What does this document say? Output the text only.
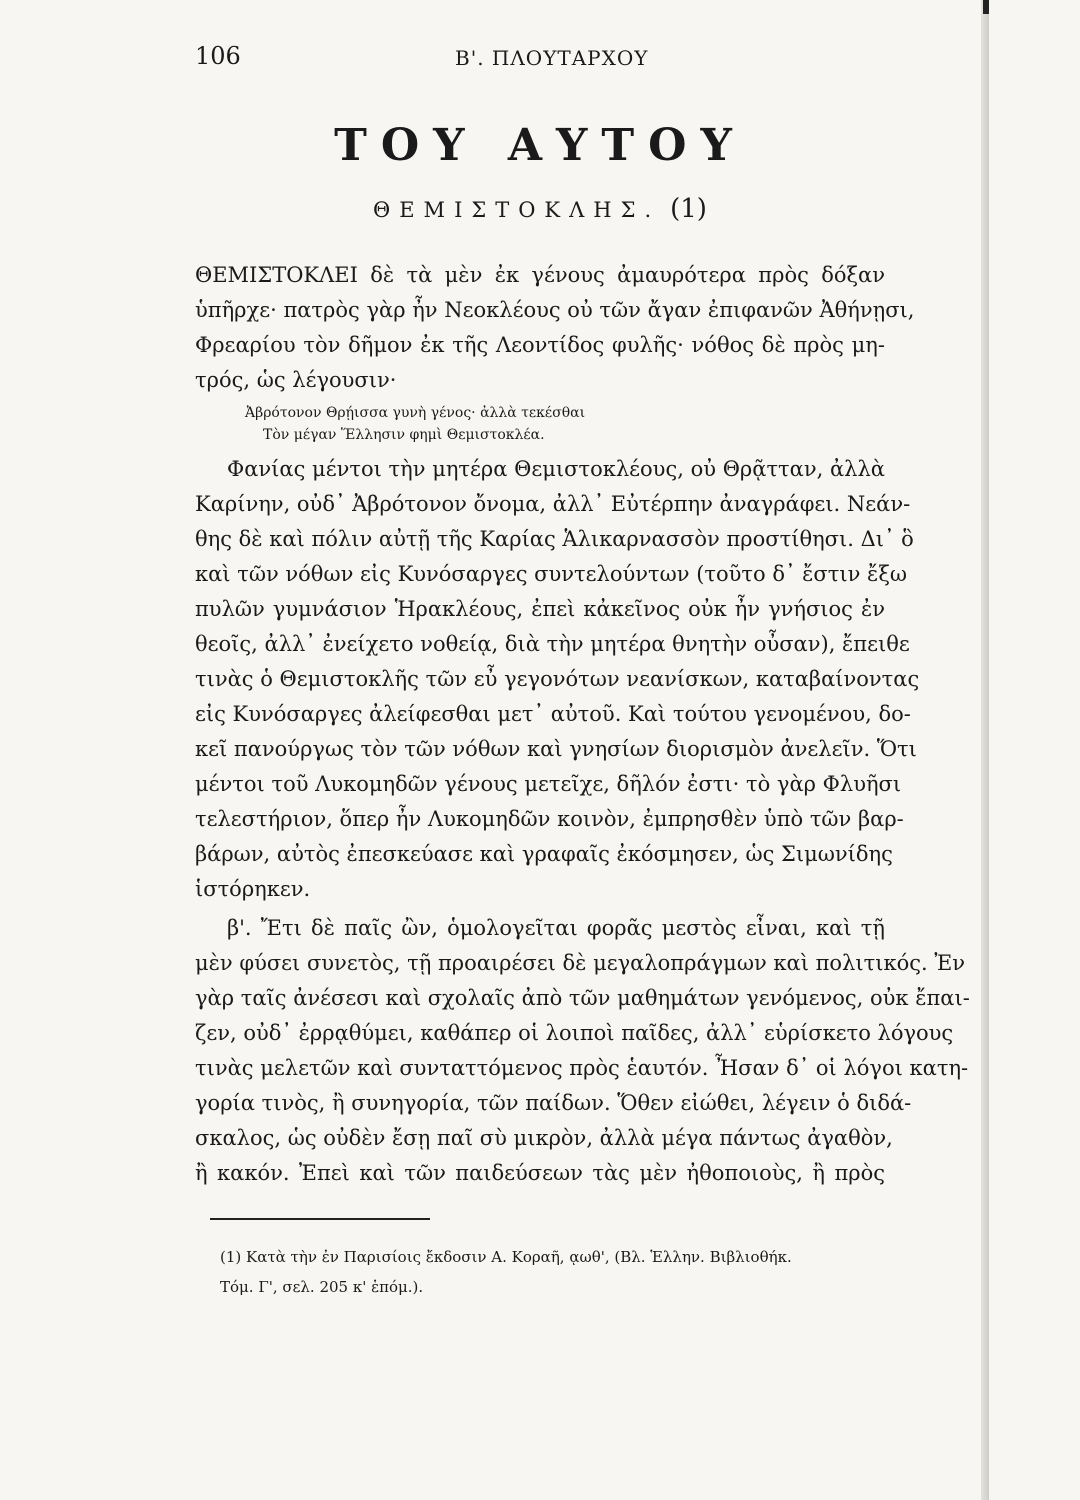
106	Β'. ΠΛΟΥΤΑΡΧΟΥ
ΤΟΥ ΑΥΤΟΥ
ΘΕΜΙΣΤΟΚΛΗΣ. (1)
ΘΕΜΙΣΤΟΚΛΕΙ δὲ τὰ μὲν ἐκ γένους ἀμαυρότερα πρὸς δόξαν
ὑπῆρχε· πατρὸς γὰρ ἦν Νεοκλέους οὐ τῶν ἄγαν ἐπιφανῶν Ἀθήνῃσι,
Φρεαρίου τὸν δῆμον ἐκ τῆς Λεοντίδος φυλῆς· νόθος δὲ πρὸς μη-
τρός, ὡς λέγουσιν·
Ἀβρότονον Θρῄισσα γυνὴ γένος· ἀλλὰ τεκέσθαι
Τὸν μέγαν Ἕλλησιν φημὶ Θεμιστοκλέα.
Φανίας μέντοι τὴν μητέρα Θεμιστοκλέους, οὐ Θρᾷτταν, ἀλλὰ
Καρίνην, οὐδ᾽ Ἀβρότονον ὄνομα, ἀλλ᾽ Εὐτέρπην ἀναγράφει. Νεάν-
θης δὲ καὶ πόλιν αὐτῇ τῆς Καρίας Ἁλικαρνασσὸν προστίθησι. Δι᾽ ὃ
καὶ τῶν νόθων εἰς Κυνόσαργες συντελούντων (τοῦτο δ᾽ ἔστιν ἔξω
πυλῶν γυμνάσιον Ἡρακλέους, ἐπεὶ κἀκεῖνος οὐκ ἦν γνήσιος ἐν
θεοῖς, ἀλλ᾽ ἐνείχετο νοθείᾳ, διὰ τὴν μητέρα θνητὴν οὖσαν), ἔπειθε
τινὰς ὁ Θεμιστοκλῆς τῶν εὖ γεγονότων νεανίσκων, καταβαίνοντας
εἰς Κυνόσαργες ἀλείφεσθαι μετ᾽ αὐτοῦ. Καὶ τούτου γενομένου, δο-
κεῖ πανούργως τὸν τῶν νόθων καὶ γνησίων διορισμὸν ἀνελεῖν. Ὅτι
μέντοι τοῦ Λυκομηδῶν γένους μετεῖχε, δῆλόν ἐστι· τὸ γὰρ Φλυῆσι
τελεστήριον, ὅπερ ἦν Λυκομηδῶν κοινὸν, ἐμπρησθὲν ὑπὸ τῶν βαρ-
βάρων, αὐτὸς ἐπεσκεύασε καὶ γραφαῖς ἐκόσμησεν, ὡς Σιμωνίδης
ἱστόρηκεν.
β'. Ἔτι δὲ παῖς ὢν, ὁμολογεῖται φορᾶς μεστὸς εἶναι, καὶ τῇ
μὲν φύσει συνετὸς, τῇ προαιρέσει δὲ μεγαλοπράγμων καὶ πολιτικός. Ἐν
γὰρ ταῖς ἀνέσεσι καὶ σχολαῖς ἀπὸ τῶν μαθημάτων γενόμενος, οὐκ ἔπαι-
ζεν, οὐδ᾽ ἐρρᾳθύμει, καθάπερ οἱ λοιποὶ παῖδες, ἀλλ᾽ εὑρίσκετο λόγους
τινὰς μελετῶν καὶ συνταττόμενος πρὸς ἑαυτόν. Ἦσαν δ᾽ οἱ λόγοι κατη-
γορία τινὸς, ἢ συνηγορία, τῶν παίδων. Ὅθεν εἰώθει, λέγειν ὁ διδά-
σκαλος, ὡς οὐδὲν ἔσῃ παῖ σὺ μικρὸν, ἀλλὰ μέγα πάντως ἀγαθὸν,
ἢ κακόν. Ἐπεὶ καὶ τῶν παιδεύσεων τὰς μὲν ἠθοποιοὺς, ἢ πρὸς
(1) Κατὰ τὴν ἐν Παρισίοις ἔκδοσιν Α. Κοραῆ, ᾳωθ', (Βλ. Ἑλλην. Βιβλιοθήκ.
Τόμ. Γ', σελ. 205 κ' ἑπόμ.).
